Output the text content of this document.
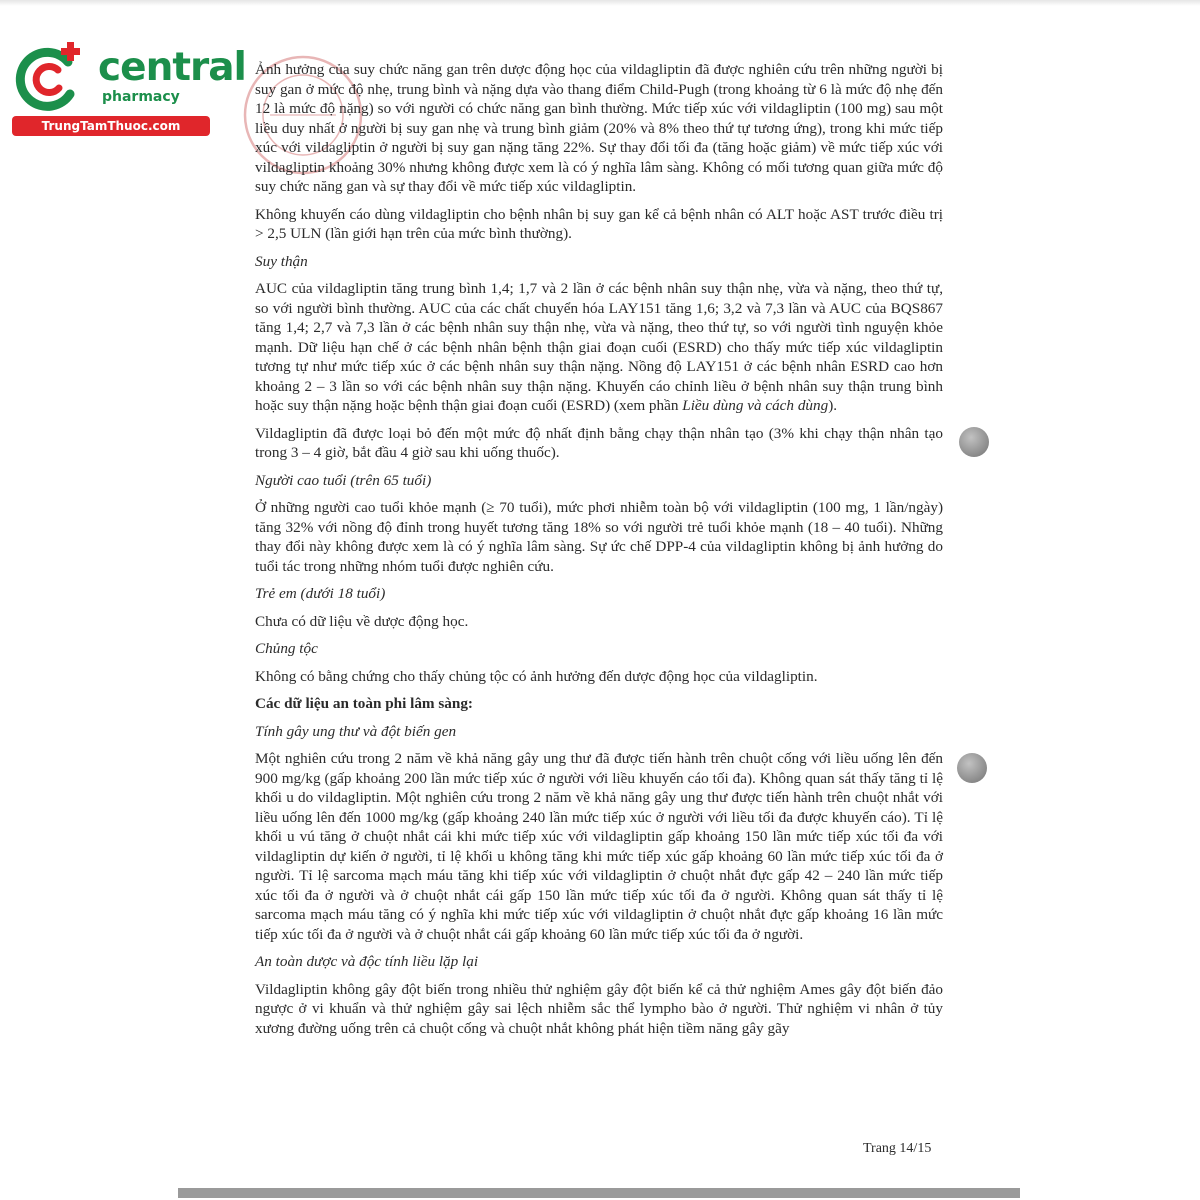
central
pharmacy
TrungTamThuoc.com

Ảnh hưởng của suy chức năng gan trên dược động học của vildagliptin đã được nghiên cứu trên những người bị suy gan ở mức độ nhẹ, trung bình và nặng dựa vào thang điểm Child-Pugh (trong khoảng từ 6 là mức độ nhẹ đến 12 là mức độ nặng) so với người có chức năng gan bình thường. Mức tiếp xúc với vildagliptin (100 mg) sau một liều duy nhất ở người bị suy gan nhẹ và trung bình giảm (20% và 8% theo thứ tự tương ứng), trong khi mức tiếp xúc với vildagliptin ở người bị suy gan nặng tăng 22%. Sự thay đổi tối đa (tăng hoặc giảm) về mức tiếp xúc với vildagliptin khoảng 30% nhưng không được xem là có ý nghĩa lâm sàng. Không có mối tương quan giữa mức độ suy chức năng gan và sự thay đổi về mức tiếp xúc vildagliptin.

Không khuyến cáo dùng vildagliptin cho bệnh nhân bị suy gan kể cả bệnh nhân có ALT hoặc AST trước điều trị > 2,5 ULN (lần giới hạn trên của mức bình thường).

Suy thận

AUC của vildagliptin tăng trung bình 1,4; 1,7 và 2 lần ở các bệnh nhân suy thận nhẹ, vừa và nặng, theo thứ tự, so với người bình thường. AUC của các chất chuyển hóa LAY151 tăng 1,6; 3,2 và 7,3 lần và AUC của BQS867 tăng 1,4; 2,7 và 7,3 lần ở các bệnh nhân suy thận nhẹ, vừa và nặng, theo thứ tự, so với người tình nguyện khỏe mạnh. Dữ liệu hạn chế ở các bệnh nhân bệnh thận giai đoạn cuối (ESRD) cho thấy mức tiếp xúc vildagliptin tương tự như mức tiếp xúc ở các bệnh nhân suy thận nặng. Nồng độ LAY151 ở các bệnh nhân ESRD cao hơn khoảng 2 – 3 lần so với các bệnh nhân suy thận nặng. Khuyến cáo chỉnh liều ở bệnh nhân suy thận trung bình hoặc suy thận nặng hoặc bệnh thận giai đoạn cuối (ESRD) (xem phần Liều dùng và cách dùng).

Vildagliptin đã được loại bỏ đến một mức độ nhất định bằng chạy thận nhân tạo (3% khi chạy thận nhân tạo trong 3 – 4 giờ, bắt đầu 4 giờ sau khi uống thuốc).

Người cao tuổi (trên 65 tuổi)

Ở những người cao tuổi khỏe mạnh (≥ 70 tuổi), mức phơi nhiễm toàn bộ với vildagliptin (100 mg, 1 lần/ngày) tăng 32% với nồng độ đỉnh trong huyết tương tăng 18% so với người trẻ tuổi khỏe mạnh (18 – 40 tuổi). Những thay đổi này không được xem là có ý nghĩa lâm sàng. Sự ức chế DPP-4 của vildagliptin không bị ảnh hưởng do tuổi tác trong những nhóm tuổi được nghiên cứu.

Trẻ em (dưới 18 tuổi)

Chưa có dữ liệu về dược động học.

Chủng tộc

Không có bằng chứng cho thấy chủng tộc có ảnh hưởng đến dược động học của vildagliptin.

Các dữ liệu an toàn phi lâm sàng:

Tính gây ung thư và đột biến gen

Một nghiên cứu trong 2 năm về khả năng gây ung thư đã được tiến hành trên chuột cống với liều uống lên đến 900 mg/kg (gấp khoảng 200 lần mức tiếp xúc ở người với liều khuyến cáo tối đa). Không quan sát thấy tăng tỉ lệ khối u do vildagliptin. Một nghiên cứu trong 2 năm về khả năng gây ung thư được tiến hành trên chuột nhắt với liều uống lên đến 1000 mg/kg (gấp khoảng 240 lần mức tiếp xúc ở người với liều tối đa được khuyến cáo). Tỉ lệ khối u vú tăng ở chuột nhắt cái khi mức tiếp xúc với vildagliptin gấp khoảng 150 lần mức tiếp xúc tối đa với vildagliptin dự kiến ở người, tỉ lệ khối u không tăng khi mức tiếp xúc gấp khoảng 60 lần mức tiếp xúc tối đa ở người. Tỉ lệ sarcoma mạch máu tăng khi tiếp xúc với vildagliptin ở chuột nhắt đực gấp 42 – 240 lần mức tiếp xúc tối đa ở người và ở chuột nhắt cái gấp 150 lần mức tiếp xúc tối đa ở người. Không quan sát thấy tỉ lệ sarcoma mạch máu tăng có ý nghĩa khi mức tiếp xúc với vildagliptin ở chuột nhắt đực gấp khoảng 16 lần mức tiếp xúc tối đa ở người và ở chuột nhắt cái gấp khoảng 60 lần mức tiếp xúc tối đa ở người.

An toàn dược và độc tính liều lặp lại

Vildagliptin không gây đột biến trong nhiều thử nghiệm gây đột biến kể cả thử nghiệm Ames gây đột biến đảo ngược ở vi khuẩn và thử nghiệm gây sai lệch nhiễm sắc thể lympho bào ở người. Thử nghiệm vi nhân ở tủy xương đường uống trên cả chuột cống và chuột nhắt không phát hiện tiềm năng gây gãy

Trang 14/15
